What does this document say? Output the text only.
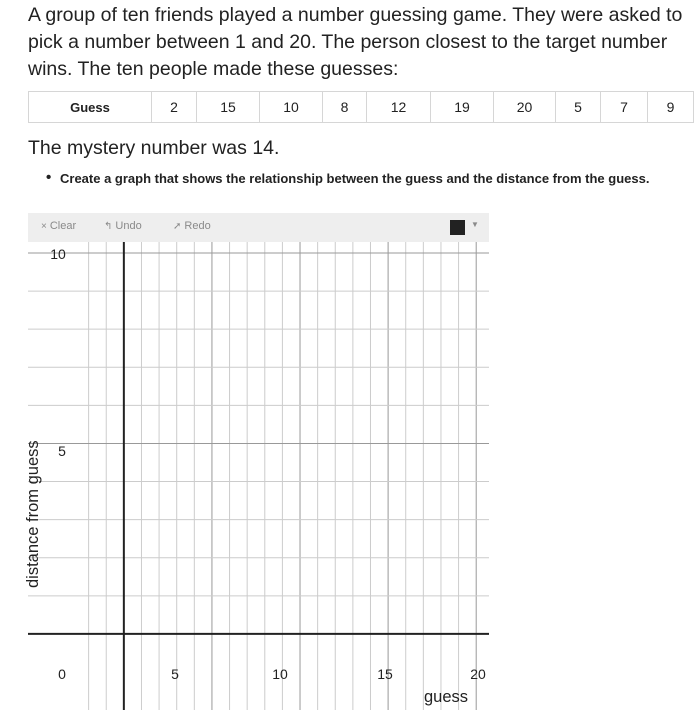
A group of ten friends played a number guessing game. They were asked to pick a number between 1 and 20. The person closest to the target number wins. The ten people made these guesses:

Guess	2	15	10	8	12	19	20	5	7	9

The mystery number was 14.

• Create a graph that shows the relationship between the guess and the distance from the guess.
× Clear	↰ Undo	➚ Redo	▼
0	5	10	15	20
5
10
guess
distance from guess
